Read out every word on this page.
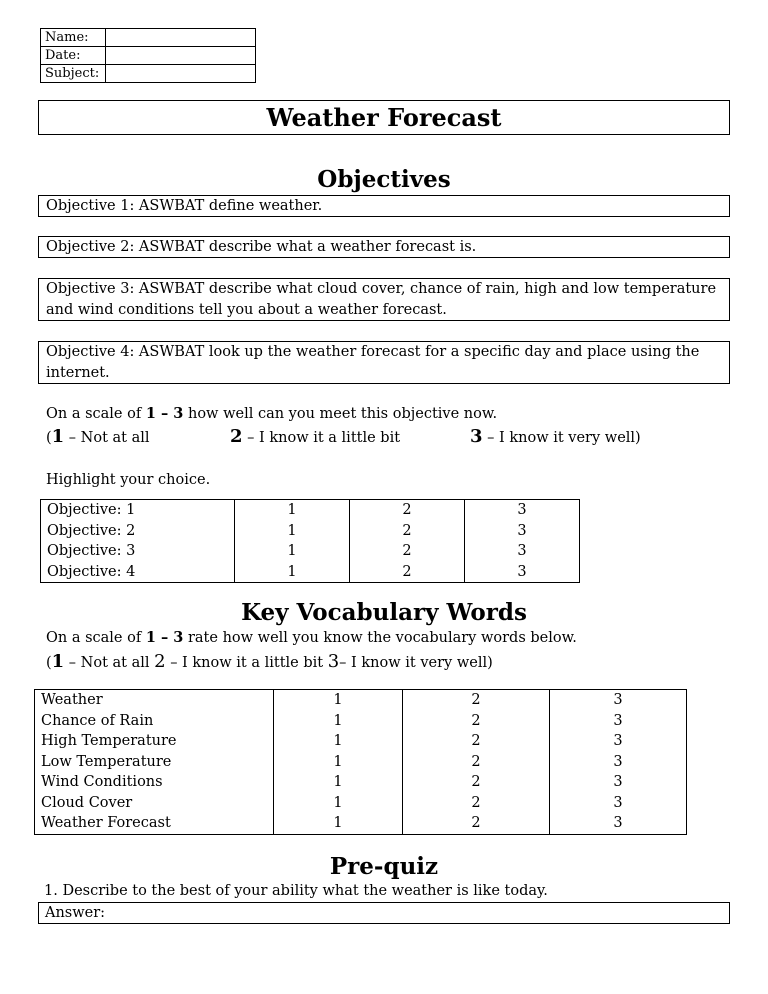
Name:	
Date:	
Subject:	
Weather Forecast
Objectives
Objective 1: ASWBAT define weather.
Objective 2: ASWBAT describe what a weather forecast is.
Objective 3: ASWBAT describe what cloud cover, chance of rain, high and low temperature and wind conditions tell you about a weather forecast.
Objective 4: ASWBAT look up the weather forecast for a specific day and place using the internet.
On a scale of 1 – 3 how well can you meet this objective now.
(1 – Not at all	2 – I know it a little bit	3 – I know it very well)
Highlight your choice.
Objective: 1	1	2	3
Objective: 2	1	2	3
Objective: 3	1	2	3
Objective: 4	1	2	3
Key Vocabulary Words
On a scale of 1 – 3 rate how well you know the vocabulary words below.
(1 – Not at all 2 – I know it a little bit 3– I know it very well)
Weather	1	2	3
Chance of Rain	1	2	3
High Temperature	1	2	3
Low Temperature	1	2	3
Wind Conditions	1	2	3
Cloud Cover	1	2	3
Weather Forecast	1	2	3
Pre-quiz
1. Describe to the best of your ability what the weather is like today.
Answer:
